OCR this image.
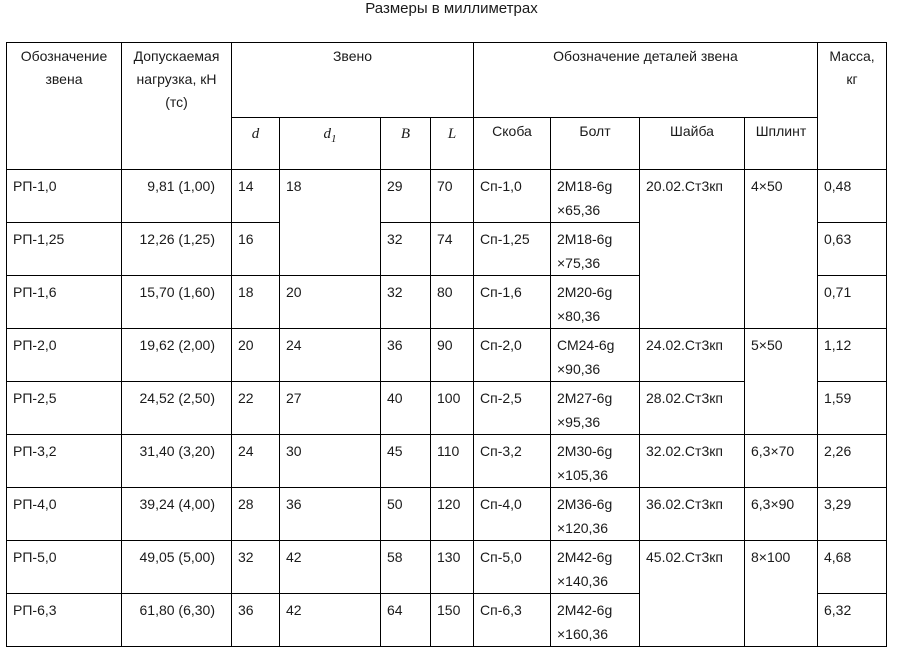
Размеры в миллиметрах
Обозначение звена	Допускаемая нагрузка, кН (тс)	Звено				Обозначение деталей звена				Масса, кг
		d	$d_1$	B	L	Скоба	Болт	Шайба	Шплинт	
РП-1,0	9,81 (1,00)	14	18	29	70	Сп-1,0	2М18-6g
×65,36	20.02.Ст3кп	4×50	0,48
РП-1,25	12,26 (1,25)	16		32	74	Сп-1,25	2М18-6g
×75,36			0,63
РП-1,6	15,70 (1,60)	18	20	32	80	Сп-1,6	2М20-6g
×80,36			0,71
РП-2,0	19,62 (2,00)	20	24	36	90	Сп-2,0	СМ24-6g
×90,36	24.02.Ст3кп	5×50	1,12
РП-2,5	24,52 (2,50)	22	27	40	100	Сп-2,5	2М27-6g
×95,36	28.02.Ст3кп		1,59
РП-3,2	31,40 (3,20)	24	30	45	110	Сп-3,2	2М30-6g
×105,36	32.02.Ст3кп	6,3×70	2,26
РП-4,0	39,24 (4,00)	28	36	50	120	Сп-4,0	2М36-6g
×120,36	36.02.Ст3кп	6,3×90	3,29
РП-5,0	49,05 (5,00)	32	42	58	130	Сп-5,0	2М42-6g
×140,36	45.02.Ст3кп	8×100	4,68
РП-6,3	61,80 (6,30)	36	42	64	150	Сп-6,3	2М42-6g
×160,36			6,32
